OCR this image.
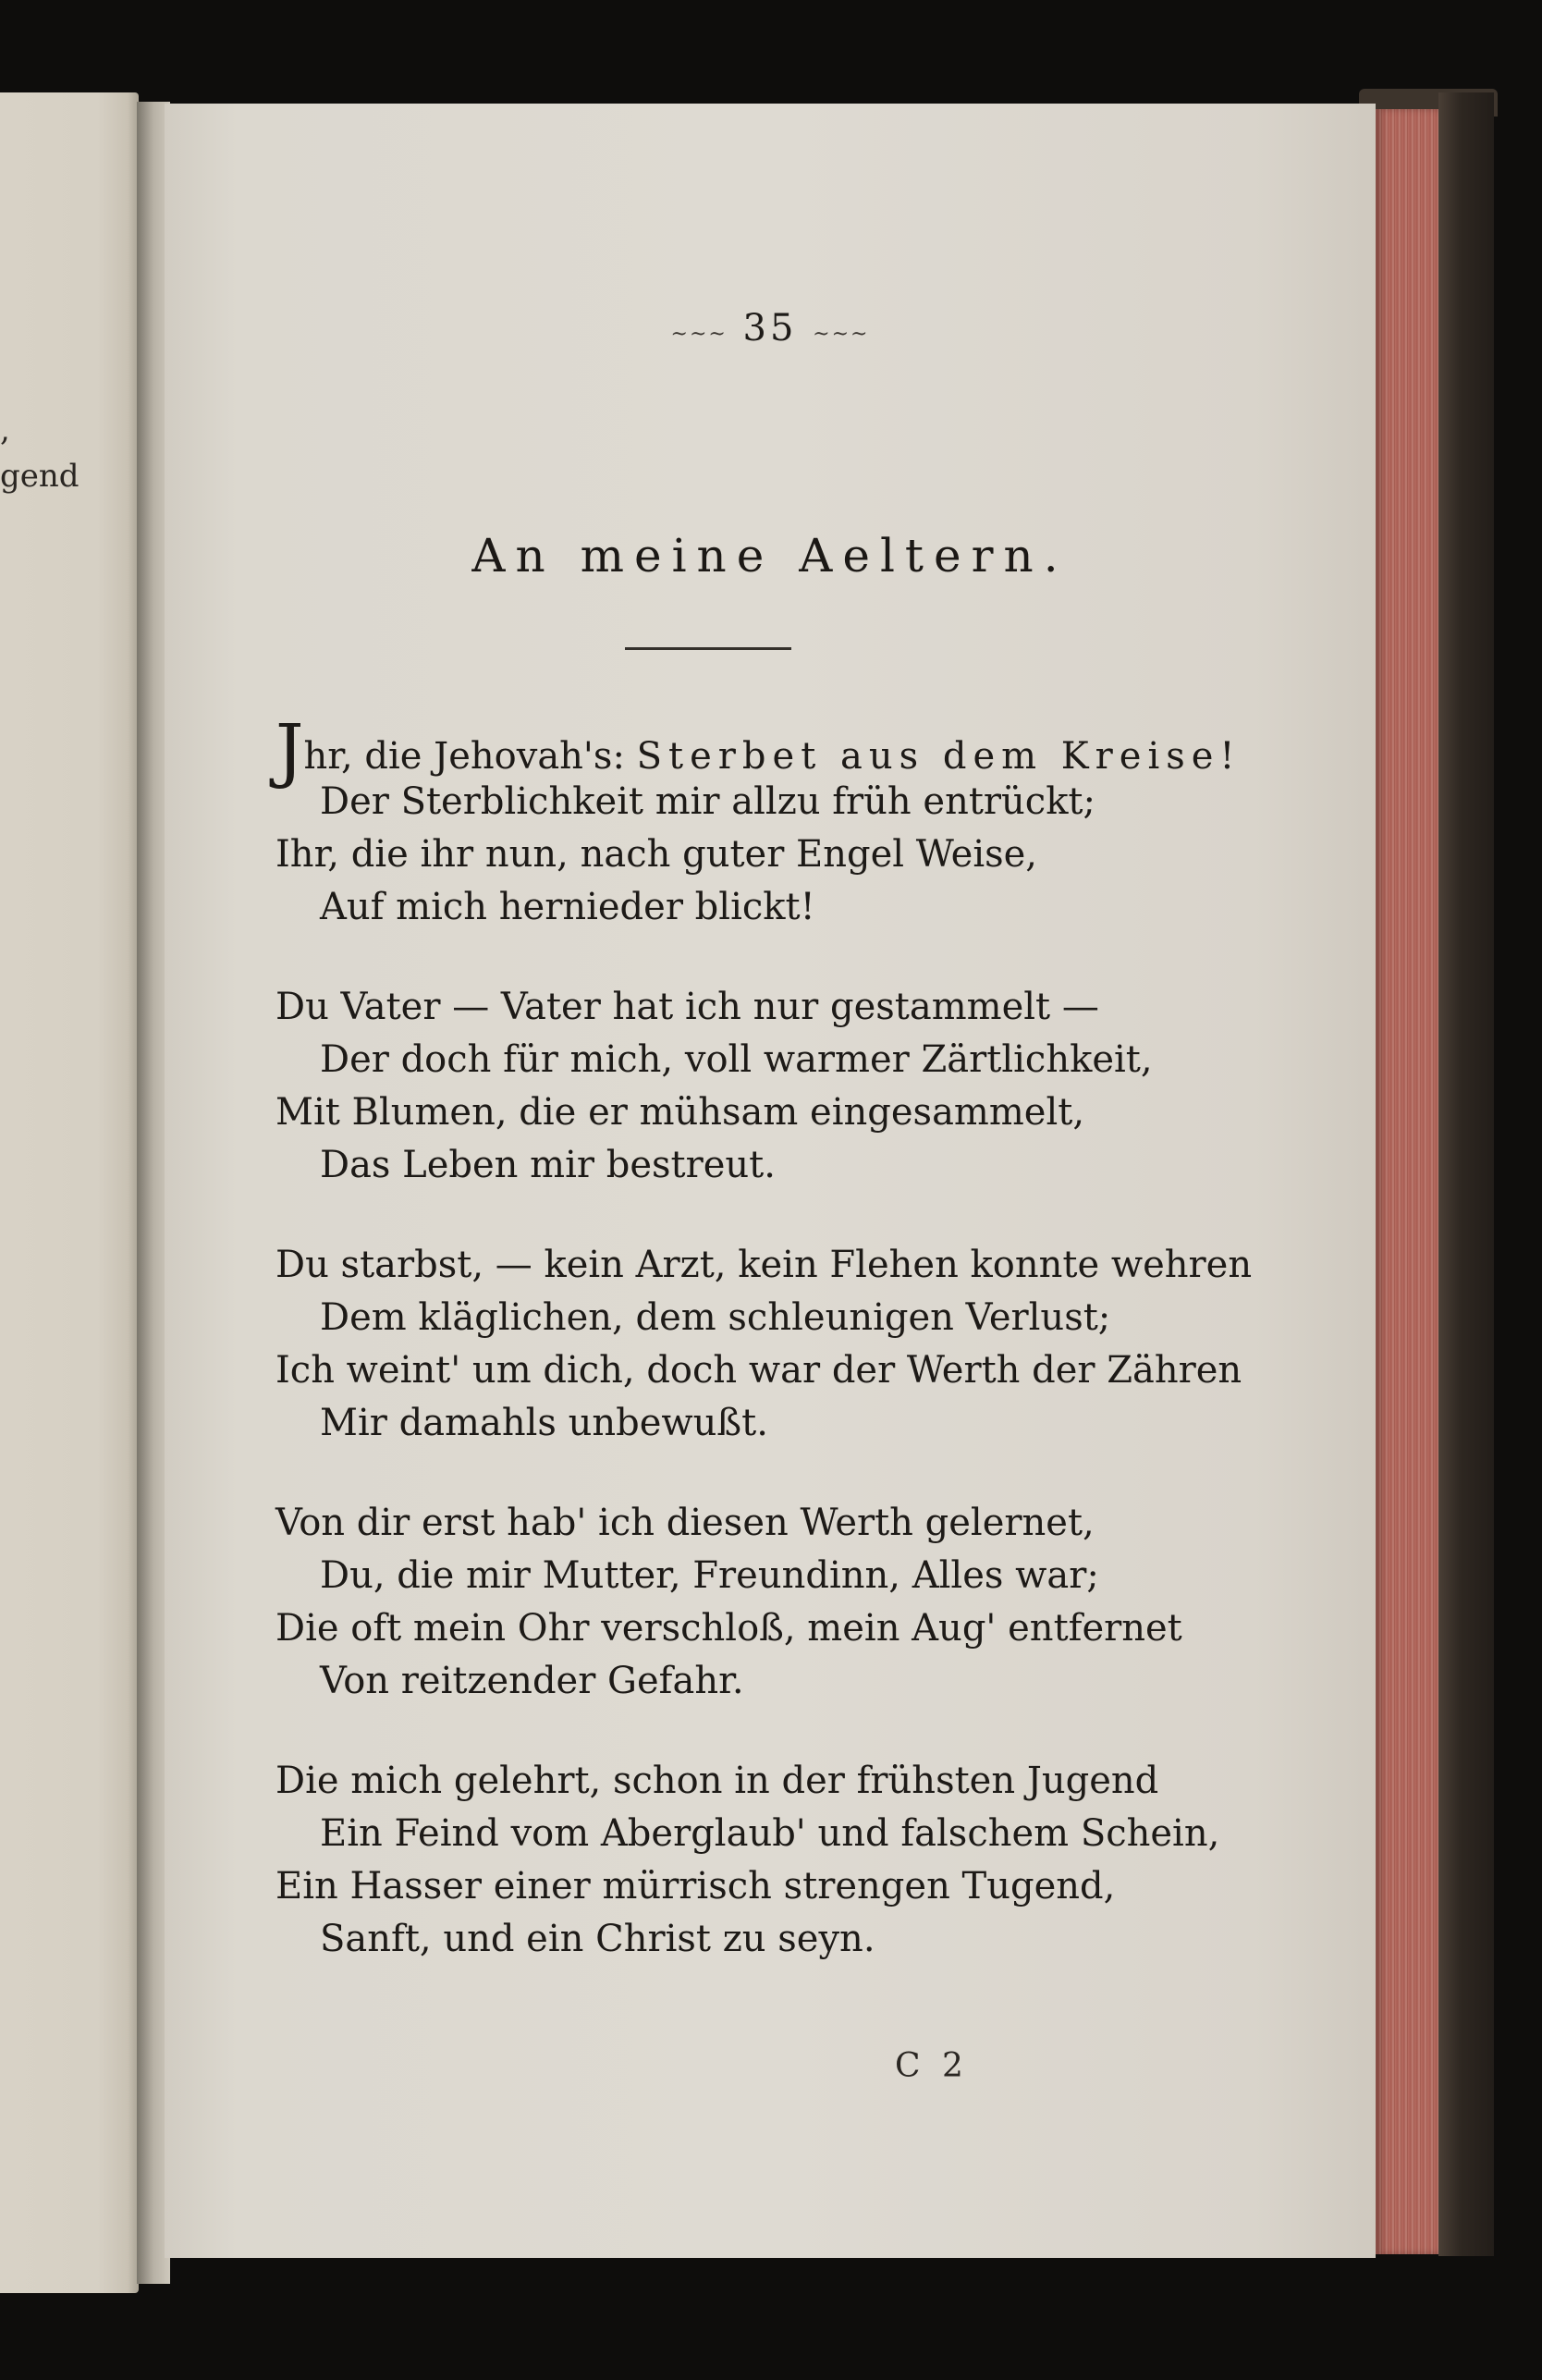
,
gend
~~~ 35 ~~~
An meine Aeltern.
Jhr, die Jehovah's: Sterbet aus dem Kreise!
Der Sterblichkeit mir allzu früh entrückt;
Ihr, die ihr nun, nach guter Engel Weise,
Auf mich hernieder blickt!
Du Vater — Vater hat ich nur gestammelt —
Der doch für mich, voll warmer Zärtlichkeit,
Mit Blumen, die er mühsam eingesammelt,
Das Leben mir bestreut.
Du starbst, — kein Arzt, kein Flehen konnte wehren
Dem kläglichen, dem schleunigen Verlust;
Ich weint' um dich, doch war der Werth der Zähren
Mir damahls unbewußt.
Von dir erst hab' ich diesen Werth gelernet,
Du, die mir Mutter, Freundinn, Alles war;
Die oft mein Ohr verschloß, mein Aug' entfernet
Von reitzender Gefahr.
Die mich gelehrt, schon in der frühsten Jugend
Ein Feind vom Aberglaub' und falschem Schein,
Ein Hasser einer mürrisch strengen Tugend,
Sanft, und ein Christ zu seyn.
C 2
